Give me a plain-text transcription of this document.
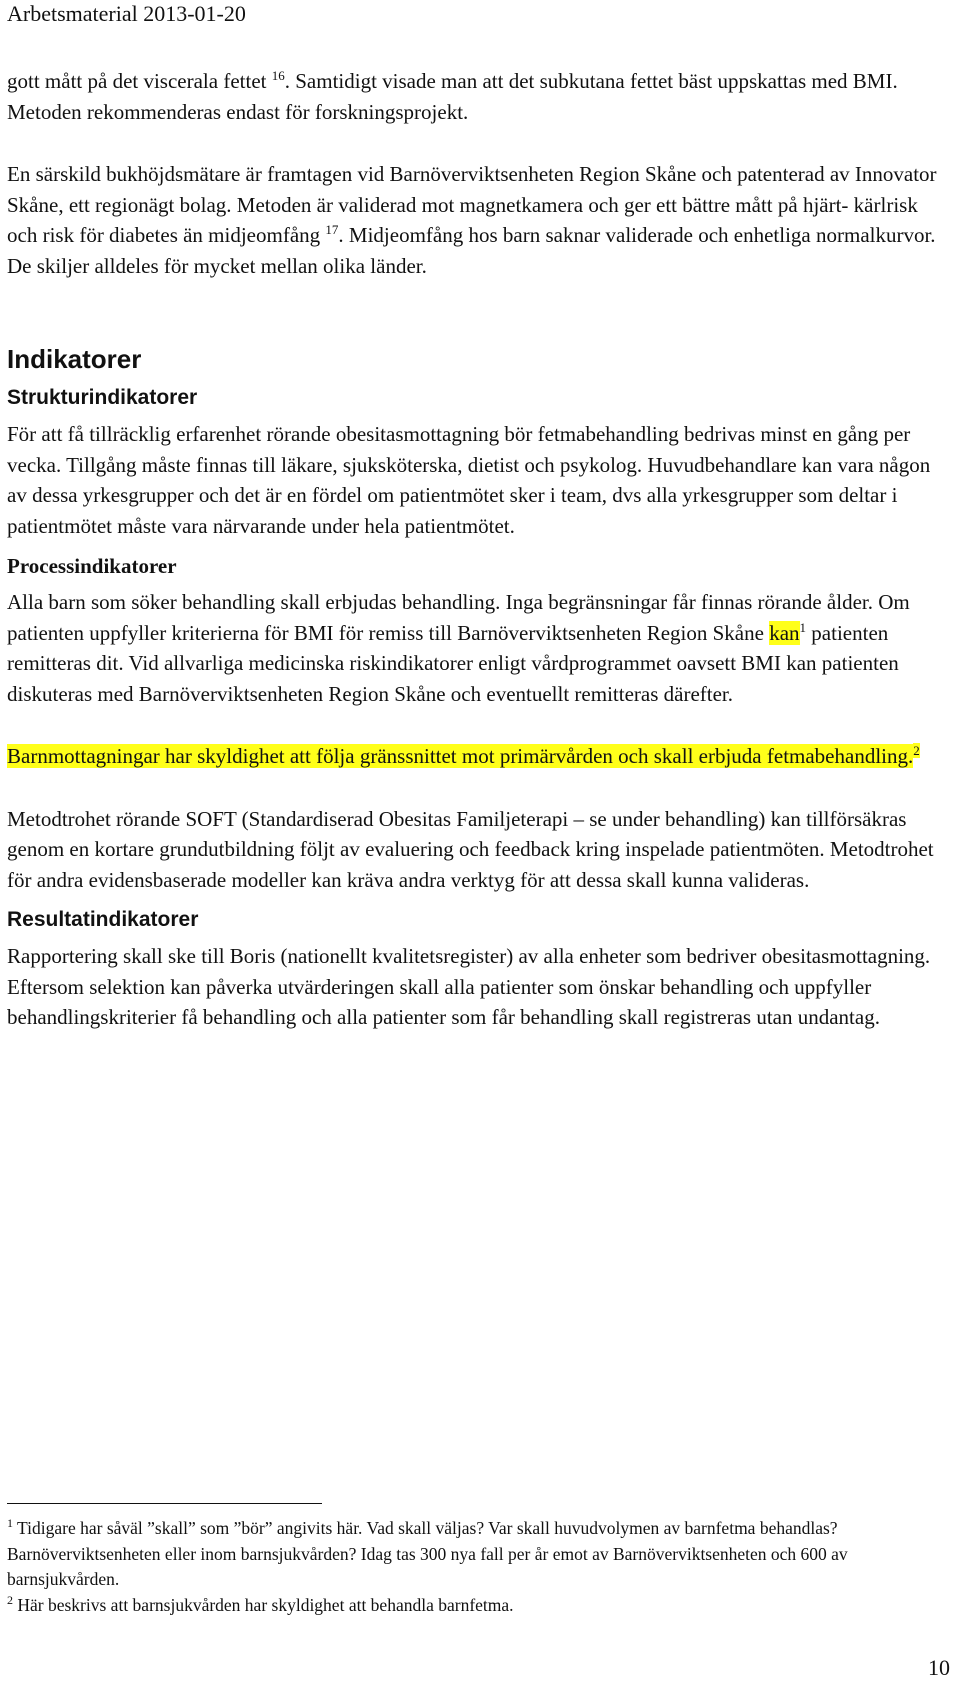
Arbetsmaterial 2013-01-20

gott mått på det viscerala fettet $^{16}$. Samtidigt visade man att det subkutana fettet bäst uppskattas med BMI. Metoden rekommenderas endast för forskningsprojekt.

En särskild bukhöjdsmätare är framtagen vid Barnöverviktsenheten Region Skåne och patenterad av Innovator Skåne, ett regionägt bolag. Metoden är validerad mot magnetkamera och ger ett bättre mått på hjärt- kärlrisk och risk för diabetes än midjeomfång $^{17}$. Midjeomfång hos barn saknar validerade och enhetliga normalkurvor. De skiljer alldeles för mycket mellan olika länder.

Indikatorer
Strukturindikatorer

För att få tillräcklig erfarenhet rörande obesitasmottagning bör fetmabehandling bedrivas minst en gång per vecka. Tillgång måste finnas till läkare, sjuksköterska, dietist och psykolog. Huvudbehandlare kan vara någon av dessa yrkesgrupper och det är en fördel om patientmötet sker i team, dvs alla yrkesgrupper som deltar i patientmötet måste vara närvarande under hela patientmötet.

Processindikatorer

Alla barn som söker behandling skall erbjudas behandling. Inga begränsningar får finnas rörande ålder. Om patienten uppfyller kriterierna för BMI för remiss till Barnöverviktsenheten Region Skåne kan$^1$ patienten remitteras dit. Vid allvarliga medicinska riskindikatorer enligt vårdprogrammet oavsett BMI kan patienten diskuteras med Barnöverviktsenheten Region Skåne och eventuellt remitteras därefter.

Barnmottagningar har skyldighet att följa gränssnittet mot primärvården och skall erbjuda fetmabehandling.$^2$

Metodtrohet rörande SOFT (Standardiserad Obesitas Familjeterapi – se under behandling) kan tillförsäkras genom en kortare grundutbildning följt av evaluering och feedback kring inspelade patientmöten. Metodtrohet för andra evidensbaserade modeller kan kräva andra verktyg för att dessa skall kunna valideras.

Resultatindikatorer

Rapportering skall ske till Boris (nationellt kvalitetsregister) av alla enheter som bedriver obesitasmottagning. Eftersom selektion kan påverka utvärderingen skall alla patienter som önskar behandling och uppfyller behandlingskriterier få behandling och alla patienter som får behandling skall registreras utan undantag.

$^1$ Tidigare har såväl ”skall” som ”bör” angivits här. Vad skall väljas? Var skall huvudvolymen av barnfetma behandlas? Barnöverviktsenheten eller inom barnsjukvården? Idag tas 300 nya fall per år emot av Barnöverviktsenheten och 600 av barnsjukvården.

$^2$ Här beskrivs att barnsjukvården har skyldighet att behandla barnfetma.

10
